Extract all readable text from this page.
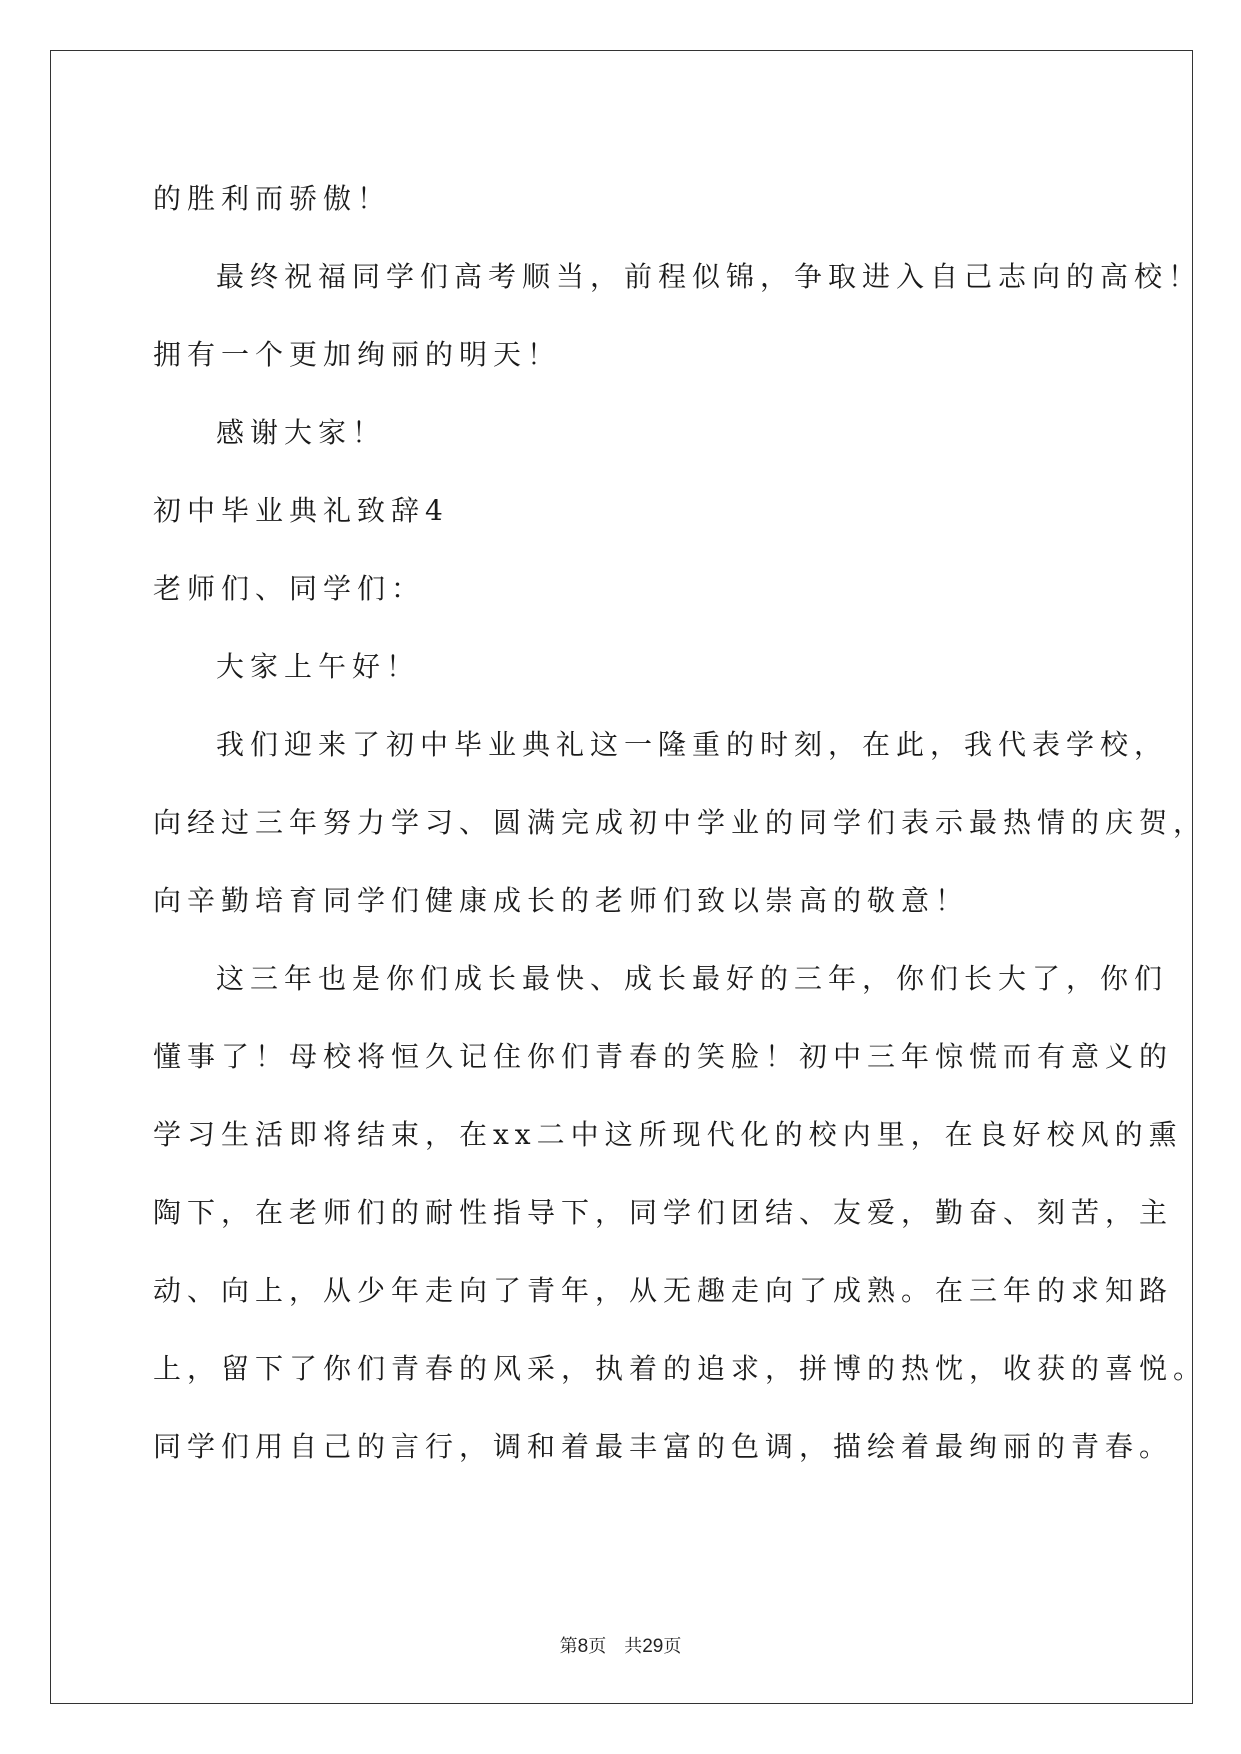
的胜利而骄傲！
最终祝福同学们高考顺当，前程似锦，争取进入自己志向的高校！
拥有一个更加绚丽的明天！
感谢大家！
初中毕业典礼致辞4
老师们、同学们：
大家上午好！
我们迎来了初中毕业典礼这一隆重的时刻，在此，我代表学校，
向经过三年努力学习、圆满完成初中学业的同学们表示最热情的庆贺，
向辛勤培育同学们健康成长的老师们致以崇高的敬意！
这三年也是你们成长最快、成长最好的三年，你们长大了，你们
懂事了！母校将恒久记住你们青春的笑脸！初中三年惊慌而有意义的
学习生活即将结束，在xx二中这所现代化的校内里，在良好校风的熏
陶下，在老师们的耐性指导下，同学们团结、友爱，勤奋、刻苦，主
动、向上，从少年走向了青年，从无趣走向了成熟。在三年的求知路
上，留下了你们青春的风采，执着的追求，拼博的热忱，收获的喜悦。
同学们用自己的言行，调和着最丰富的色调，描绘着最绚丽的青春。
第8页 共29页
